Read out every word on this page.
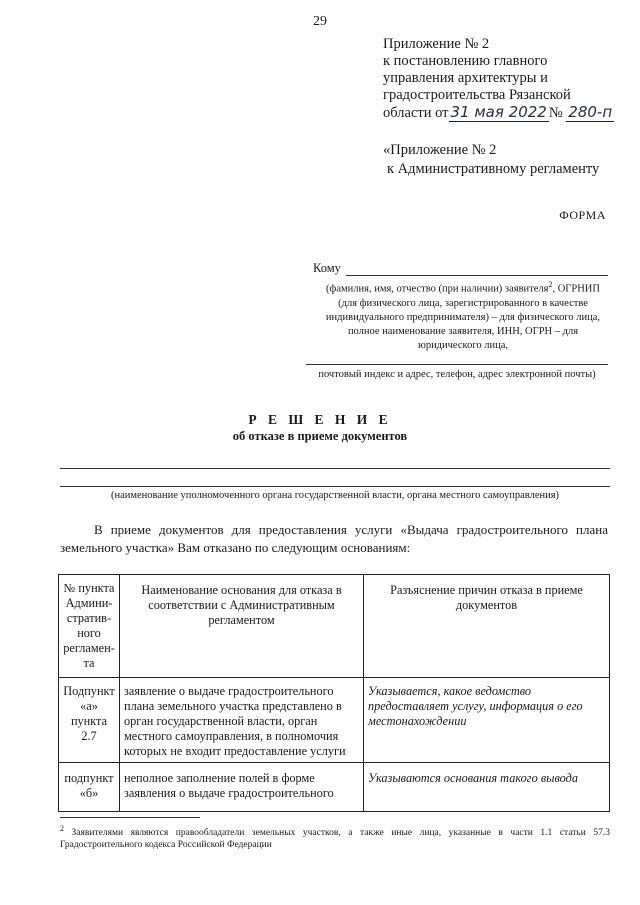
29
Приложение № 2
к постановлению главного
управления архитектуры и
градостроительства Рязанской
области от 31 мая 2022 № 280-п
«Приложение № 2
к Административному регламенту
ФОРМА
Кому
(фамилия, имя, отчество (при наличии) заявителя$^2$, ОГРНИП
(для физического лица, зарегистрированного в качестве
индивидуального предпринимателя) – для физического лица,
полное наименование заявителя, ИНН, ОГРН – для
юридического лица,
почтовый индекс и адрес, телефон, адрес электронной почты)
Р Е Ш Е Н И Е
об отказе в приеме документов
(наименование уполномоченного органа государственной власти, органа местного самоуправления)
В приеме документов для предоставления услуги «Выдача градостроительного плана земельного участка» Вам отказано по следующим основаниям:
№ пункта Админи-стратив-ного регламен-та	Наименование основания для отказа в соответствии с Административным регламентом	Разъяснение причин отказа в приеме документов
Подпункт «а» пункта 2.7	заявление о выдаче градостроительного плана земельного участка представлено в орган государственной власти, орган местного самоуправления, в полномочия которых не входит предоставление услуги	Указывается, какое ведомство предоставляет услугу, информация о его местонахождении
подпункт «б»	неполное заполнение полей в форме заявления о выдаче градостроительного	Указываются основания такого вывода
$^2$ Заявителями являются правообладатели земельных участков, а также иные лица, указанные в части 1.1 статьи 57.3 Градостроительного кодекса Российской Федерации
